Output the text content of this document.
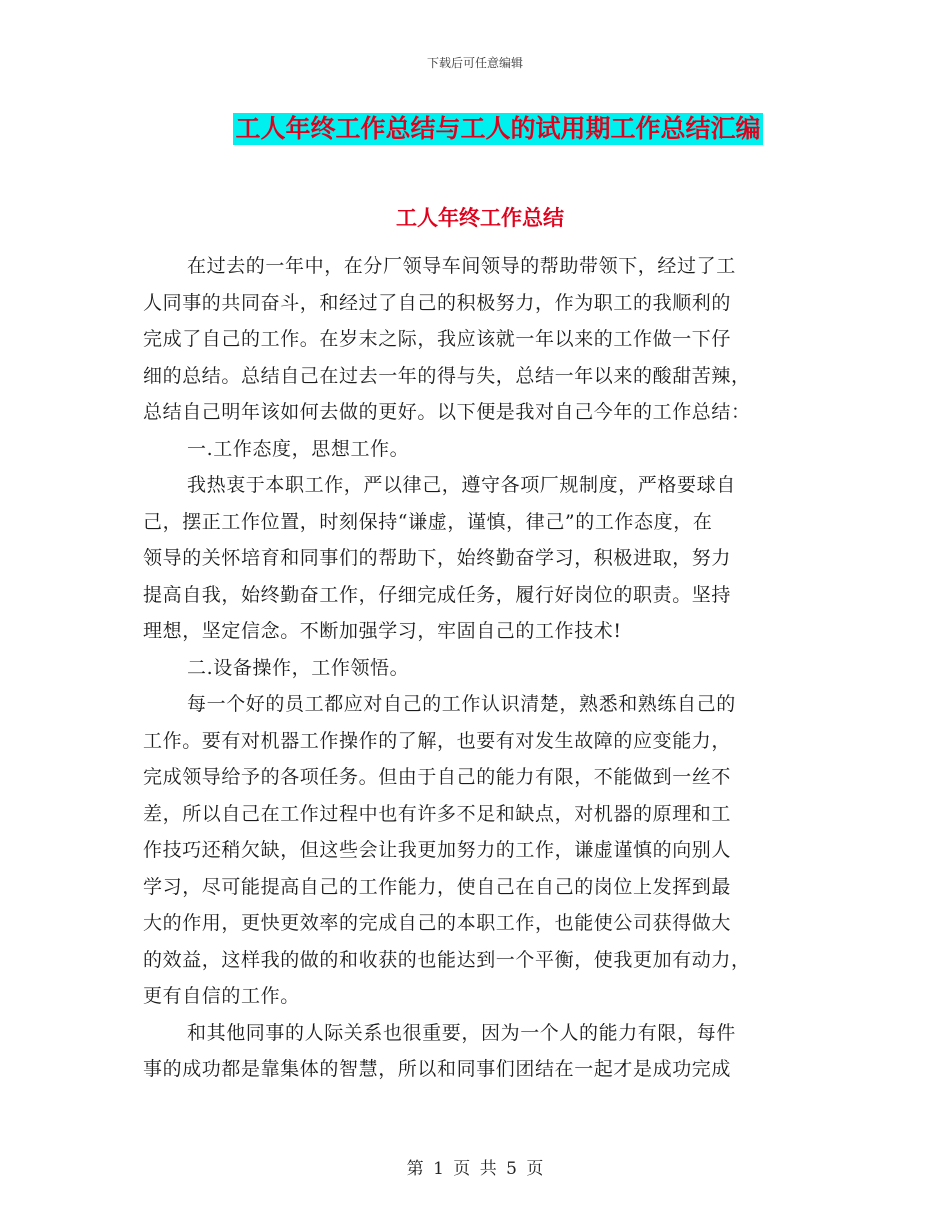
下载后可任意编辑
工人年终工作总结与工人的试用期工作总结汇编
工人年终工作总结
在过去的一年中，在分厂领导车间领导的帮助带领下，经过了工
人同事的共同奋斗，和经过了自己的积极努力，作为职工的我顺利的
完成了自己的工作。在岁末之际，我应该就一年以来的工作做一下仔
细的总结。总结自己在过去一年的得与失，总结一年以来的酸甜苦辣，
总结自己明年该如何去做的更好。以下便是我对自己今年的工作总结：
一.工作态度，思想工作。
我热衷于本职工作，严以律己，遵守各项厂规制度，严格要球自
己，摆正工作位置，时刻保持“谦虚，谨慎，律己”的工作态度，在
领导的关怀培育和同事们的帮助下，始终勤奋学习，积极进取，努力
提高自我，始终勤奋工作，仔细完成任务，履行好岗位的职责。坚持
理想，坚定信念。不断加强学习，牢固自己的工作技术!
二.设备操作，工作领悟。
每一个好的员工都应对自己的工作认识清楚，熟悉和熟练自己的
工作。要有对机器工作操作的了解，也要有对发生故障的应变能力，
完成领导给予的各项任务。但由于自己的能力有限，不能做到一丝不
差，所以自己在工作过程中也有许多不足和缺点，对机器的原理和工
作技巧还稍欠缺，但这些会让我更加努力的工作，谦虚谨慎的向别人
学习，尽可能提高自己的工作能力，使自己在自己的岗位上发挥到最
大的作用，更快更效率的完成自己的本职工作，也能使公司获得做大
的效益，这样我的做的和收获的也能达到一个平衡，使我更加有动力，
更有自信的工作。
和其他同事的人际关系也很重要，因为一个人的能力有限，每件
事的成功都是靠集体的智慧，所以和同事们团结在一起才是成功完成
第 1 页 共 5 页
